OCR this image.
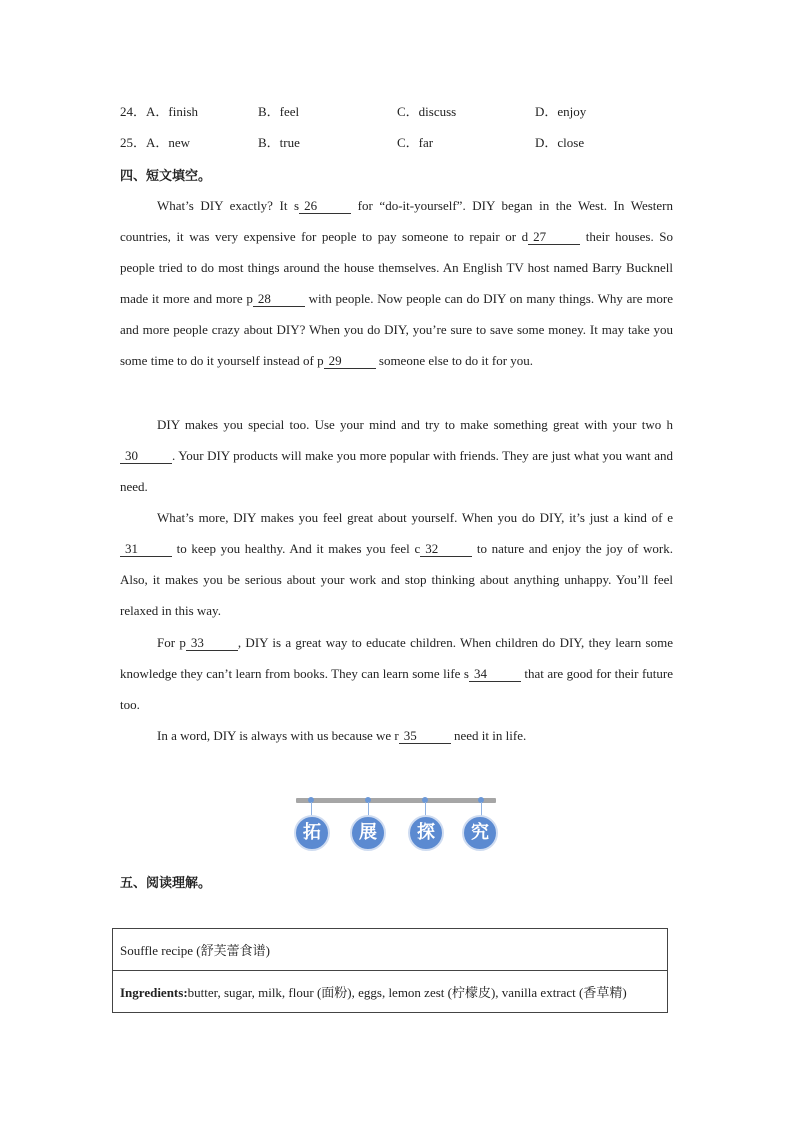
24． A．finish	B．feel	C．discuss	D．enjoy
25． A．new	B．true	C．far	D．close
四、短文填空。

What’s DIY exactly? It s 26	for “do-it-yourself”. DIY began in the West. In Western countries, it was very expensive for people to pay someone to repair or d 27	their houses. So people tried to do most things around the house themselves. An English TV host named Barry Bucknell made it more and more p 28	with people. Now people can do DIY on many things. Why are more and more people crazy about DIY? When you do DIY, you’re sure to save some money. It may take you some time to do it yourself instead of p 29	someone else to do it for you.

DIY makes you special too. Use your mind and try to make something great with your two h30	. Your DIY products will make you more popular with friends. They are just what you want and need.

What’s more, DIY makes you feel great about yourself. When you do DIY, it’s just a kind of e31	to keep you healthy. And it makes you feel c 32	to nature and enjoy the joy of work. Also, it makes you be serious about your work and stop thinking about anything unhappy. You’ll feel relaxed in this way.

For p 33	, DIY is a great way to educate children. When children do DIY, they learn some knowledge they can’t learn from books. They can learn some life s 34	that are good for their future too.

In a word, DIY is always with us because we r 35	need it in life.

拓	展	探	究
五、阅读理解。
Souffle recipe (舒芙蕾食谱)
Ingredients:butter, sugar, milk, flour (面粉), eggs, lemon zest (柠檬皮), vanilla extract (香草精)
